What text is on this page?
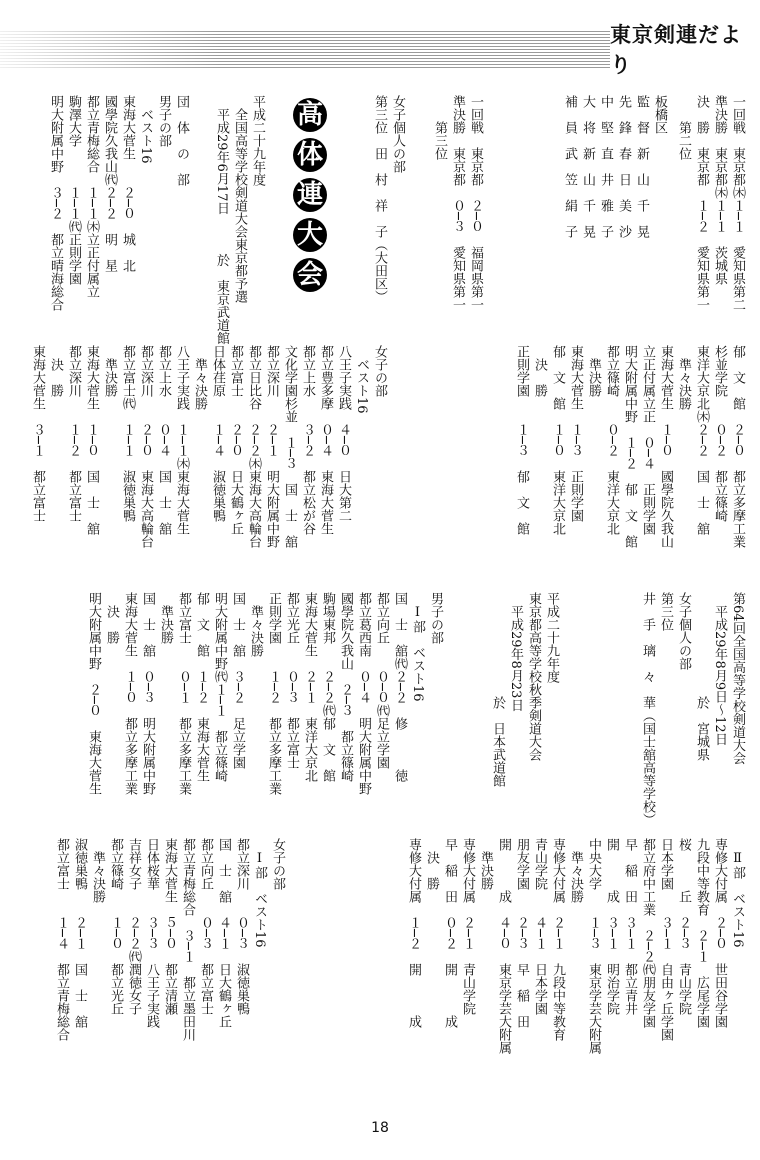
東京剣連だより
高
体
連
大
会
一回戦　東京都㈭１─１　愛知県第二
準決勝　東京都㈭１─１　茨城県
決　勝　東京都　１─２　愛知県第一
　　第二位
板橋区
監　督　新　山　千　晃
先　鋒　春　日　美　沙
中　堅　直　井　雅　子
大　将　新　山　千　晃
補　員　武　笠　絹　子
一回戦　東京都　２─０　福岡県第一
準決勝　東京都　０─３　愛知県第一
　　第三位
女子個人の部
第三位　田　村　祥　子（大田区）
平成二十九年度
　全国高等学校剣道大会東京都予選
　平成29年6月17日　　　於　東京武道館
団　体　の　部
男子の部
　ベスト16
東海大菅生　　２─０　城　北
國學院久我山㈹２─２　明　星
都立青梅総合　１─１㈭立正付属立
駒澤大学　　　１─１㈹正則学園
明大附属中野　３─２　都立晴海総合
郁　文　館　２─０　都立多摩工業
杉並学院　　０─２　都立篠崎
東洋大京北㈭２─２　国　士　舘
　準々決勝
東海大菅生　１─０　國學院久我山
立正付属立正　０─４　正則学園
明大附属中野　１─２　郁　文　館
都立篠崎　　０─２　東洋大京北
　準決勝
東海大菅生　１─３　正則学園
郁　文　館　１─０　東洋大京北
　決　勝
正則学園　　１─３　郁　文　館
女子の部
　ベスト16
八王子実践　４─０　日大第二
都立豊多摩　０─４　東海大菅生
都立上水　　３─２　都立松が谷
文化学園杉並　１─３　国　士　舘
都立深川　　２─１　明大附属中野
都立日比谷　２─２㈭東海大高輪台
都立富士　　２─０　日大鶴ヶ丘
日体荏原　　１─４　淑徳巣鴨
　準々決勝
八王子実践　１─１㈭東海大菅生
都立上水　　０─４　国　士　舘
都立深川　　２─０　東海大高輪台
都立富士㈹　１─１　淑徳巣鴨
　準決勝
東海大菅生　１─０　国　士　舘
都立深川　　１─２　都立富士
　決　勝
東海大菅生　３─１　都立富士
第64回全国高等学校剣道大会
　平成29年8月9日～12日
　　　　　　　　於　宮城県
女子個人の部
第三位
井　手　璃　々　華（国士舘高等学校）
平成二十九年度
東京都高等学校秋季剣道大会
　平成29年8月23日
　　　　　　　　於　日本武道館
男子の部
　Ⅰ部　ベスト16
国　士　舘㈹２─２　修　　　徳
都立向丘　　０─０㈹足立学園
都立葛西南　０─４　明大附属中野
國學院久我山　２─３　都立篠崎
駒場東邦　　２─２㈹郁　文　館
東海大菅生　２─１　東洋大京北
都立光丘　　０─３　都立富士
正則学園　　１─２　都立多摩工業
　準々決勝
国　士　舘　３─２　足立学園
明大附属中野㈹１─１　都立篠崎
郁　文　館　１─２　東海大菅生
都立富士　　０─１　都立多摩工業
　準決勝
国　士　舘　０─３　明大附属中野
東海大菅生　１─０　都立多摩工業
　決　勝
明大附属中野　２─０　東海大菅生
　Ⅱ部　ベスト16
専修大付属　２─０　世田谷学園
九段中等教育　２─１　広尾学園
桜　　　丘　２─３　青山学院
日本学園　　３─１　自由ヶ丘学園
都立府中工業　２─２㈹朋友学園
早　稲　田　３─１　都立青井
開　　　成　３─１　明治学院
中央大学　　１─３　東京学芸大附属
　準々決勝
専修大付属　２─１　九段中等教育
青山学院　　４─１　日本学園
朋友学園　　２─３　早　稲　田
開　　　成　４─０　東京学芸大附属
　準決勝
専修大付属　２─１　青山学院
早　稲　田　０─２　開　　　成
　決　勝
専修大付属　１─２　開　　　成
女子の部
　Ⅰ部　ベスト16
都立深川　　０─３　淑徳巣鴨
国　士　舘　４─１　日大鶴ヶ丘
都立向丘　　０─３　都立富士
都立青梅総合　３─１　都立墨田川
東海大菅生　５─０　都立清瀬
日体桜華　　３─３　八王子実践
吉祥女子　　２─２㈹潤徳女子
都立篠崎　　１─０　都立光丘
　準々決勝
淑徳巣鴨　　２─１　国　士　舘
都立富士　　１─４　都立青梅総合
18
